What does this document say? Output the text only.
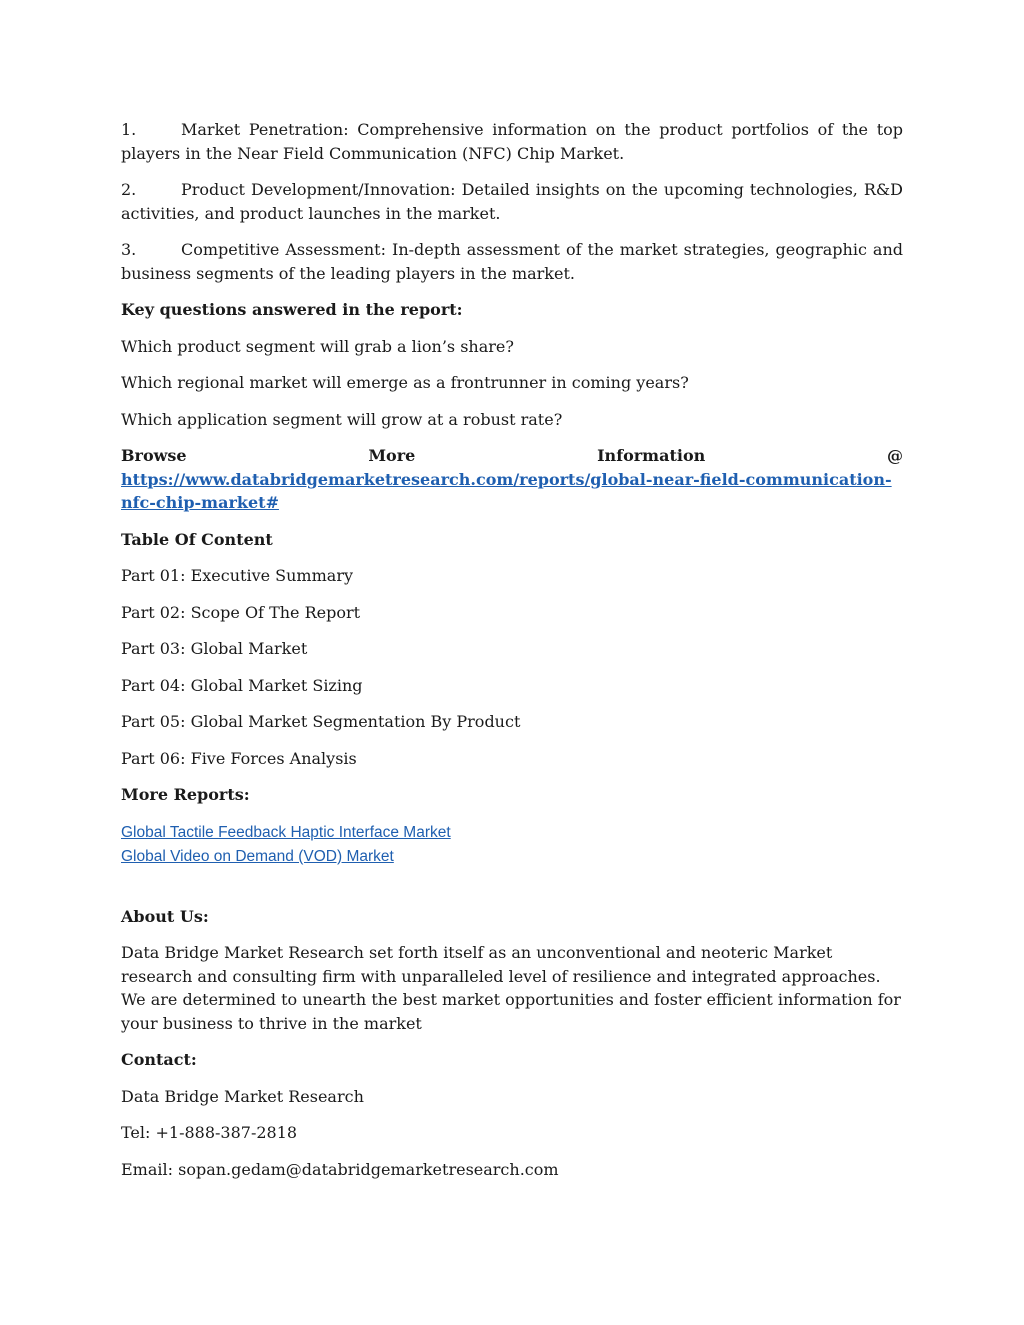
1.	Market Penetration: Comprehensive information on the product portfolios of the top players in the Near Field Communication (NFC) Chip Market.

2.	Product Development/Innovation: Detailed insights on the upcoming technologies, R&D activities, and product launches in the market.

3.	Competitive Assessment: In-depth assessment of the market strategies, geographic and business segments of the leading players in the market.

Key questions answered in the report:

Which product segment will grab a lion’s share?

Which regional market will emerge as a frontrunner in coming years?

Which application segment will grow at a robust rate?

Browse More Information @ https://www.databridgemarketresearch.com/reports/global-near-field-communication-nfc-chip-market#

Table Of Content

Part 01: Executive Summary

Part 02: Scope Of The Report

Part 03: Global Market

Part 04: Global Market Sizing

Part 05: Global Market Segmentation By Product

Part 06: Five Forces Analysis

More Reports:

Global Tactile Feedback Haptic Interface Market
Global Video on Demand (VOD) Market

About Us:

Data Bridge Market Research set forth itself as an unconventional and neoteric Market research and consulting firm with unparalleled level of resilience and integrated approaches. We are determined to unearth the best market opportunities and foster efficient information for your business to thrive in the market

Contact:

Data Bridge Market Research

Tel: +1-888-387-2818

Email: sopan.gedam@databridgemarketresearch.com
